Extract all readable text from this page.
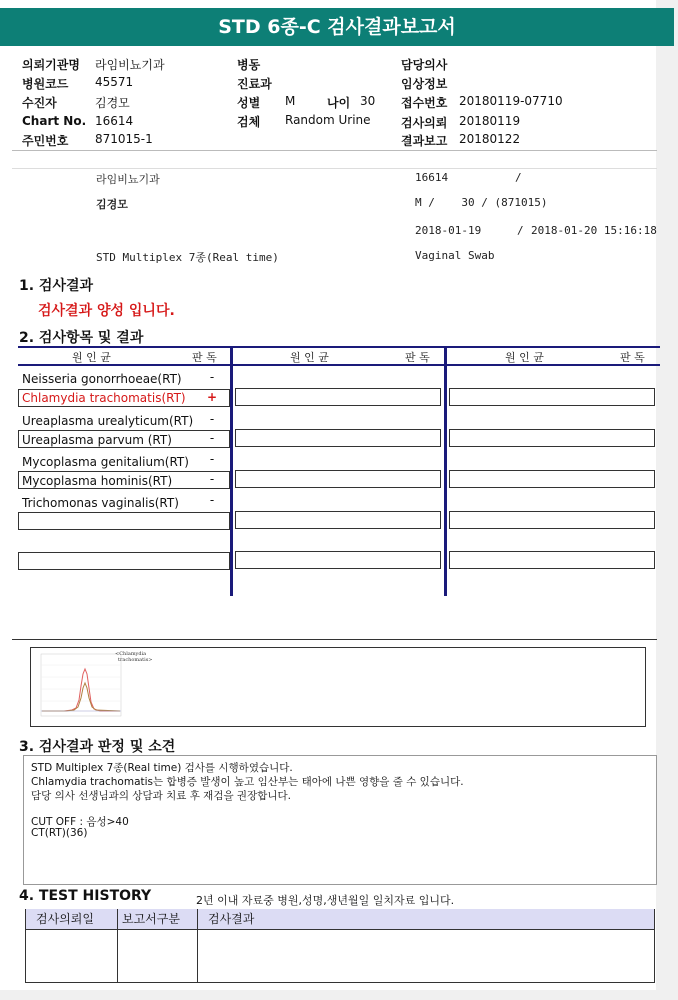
STD 6종-C 검사결과보고서
의뢰기관명 라임비뇨기과
병원코드 45571
수진자	김경모
Chart No. 16614
주민번호 871015-1
병동
진료과
성별 M	나이 30
검체 Random Urine
담당의사
임상정보
접수번호 20180119-07710
검사의뢰 20180119
결과보고 20180122
라임비뇨기과	16614	/
김경모	M /    30 / (871015)
2018-01-19	/ 2018-01-20 15:16:18
STD Multiplex 7종(Real time)	Vaginal Swab
1. 검사결과
검사결과 양성 입니다.
2. 검사항목 및 결과
원 인 균	판 독	원 인 균	판 독	원 인 균	판 독
Neisseria gonorrhoeae(RT) -
Chlamydia trachomatis(RT) +
Ureaplasma urealyticum(RT) -
Ureaplasma parvum (RT)	-
Mycoplasma genitalium(RT) -
Mycoplasma hominis(RT)	-
Trichomonas vaginalis(RT)	-
<Chlamydia
trachomatis>
3. 검사결과 판정 및 소견
STD Multiplex 7종(Real time) 검사를 시행하였습니다.
Chlamydia trachomatis는 합병증 발생이 높고 임산부는 태아에 나쁜 영향을 줄 수 있습니다.
담당 의사 선생님과의 상담과 치료 후 재검을 권장합니다.
CUT OFF : 음성>40
CT(RT)(36)
4. TEST HISTORY	2년 이내 자료중 병원,성명,생년월일 일치자료 입니다.
검사의뢰일	보고서구분	검사결과
